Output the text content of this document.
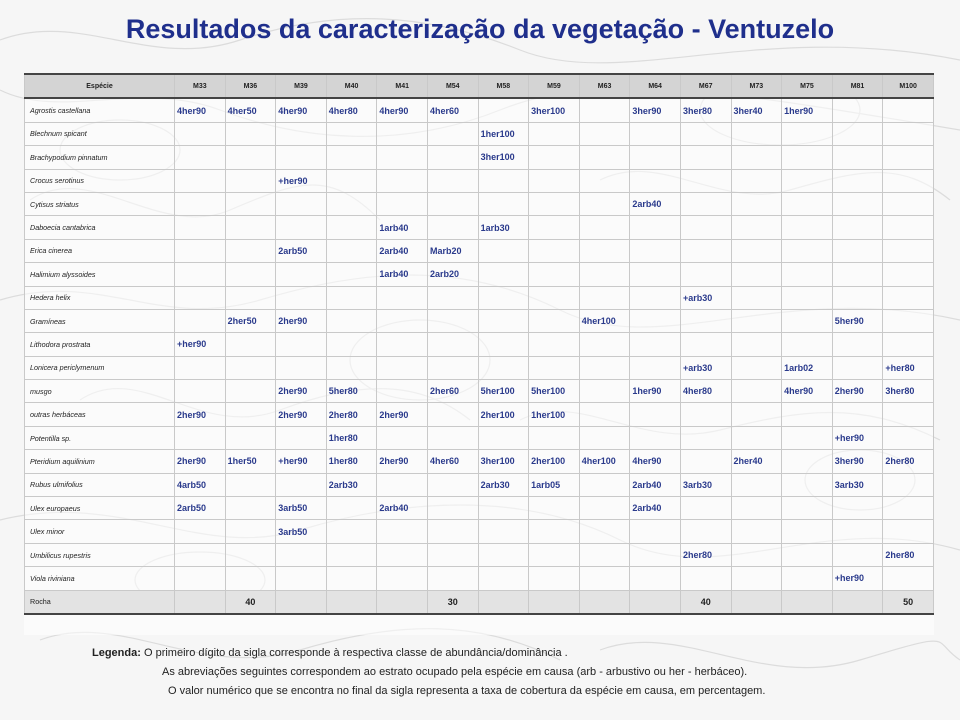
Resultados da caracterização da vegetação - Ventuzelo
Espécie	M33	M36	M39	M40	M41	M54	M58	M59	M63	M64	M67	M73	M75	M81	M100
Agrostis castellana	4her90	4her50	4her90	4her80	4her90	4her60		3her100		3her90	3her80	3her40	1her90		
Blechnum spicant							1her100								
Brachypodium pinnatum							3her100								
Crocus serotinus			+her90												
Cytisus striatus										2arb40					
Daboecia cantabrica					1arb40		1arb30								
Erica cinerea			2arb50		2arb40	Marb20									
Halimium alyssoides					1arb40	2arb20									
Hedera helix											+arb30				
Gramíneas		2her50	2her90						4her100					5her90	
Lithodora prostrata	+her90														
Lonicera periclymenum											+arb30		1arb02		+her80
musgo			2her90	5her80		2her60	5her100	5her100		1her90	4her80		4her90	2her90	3her80
outras herbáceas	2her90		2her90	2her80	2her90		2her100	1her100							
Potentilla sp.				1her80										+her90	
Pteridium aquilinium	2her90	1her50	+her90	1her80	2her90	4her60	3her100	2her100	4her100	4her90		2her40		3her90	2her80
Rubus ulmifolius	4arb50			2arb30			2arb30	1arb05		2arb40	3arb30			3arb30	
Ulex europaeus	2arb50		3arb50		2arb40					2arb40					
Ulex minor			3arb50												
Umbilicus rupestris											2her80				2her80
Viola riviniana														+her90	
Rocha		40				30					40				50
Legenda: O primeiro dígito da sigla corresponde à respectiva classe de abundância/dominância .
As abreviações seguintes correspondem ao estrato ocupado pela espécie em causa (arb - arbustivo ou her - herbáceo).
O valor numérico que se encontra no final da sigla representa a taxa de cobertura da espécie em causa, em percentagem.
